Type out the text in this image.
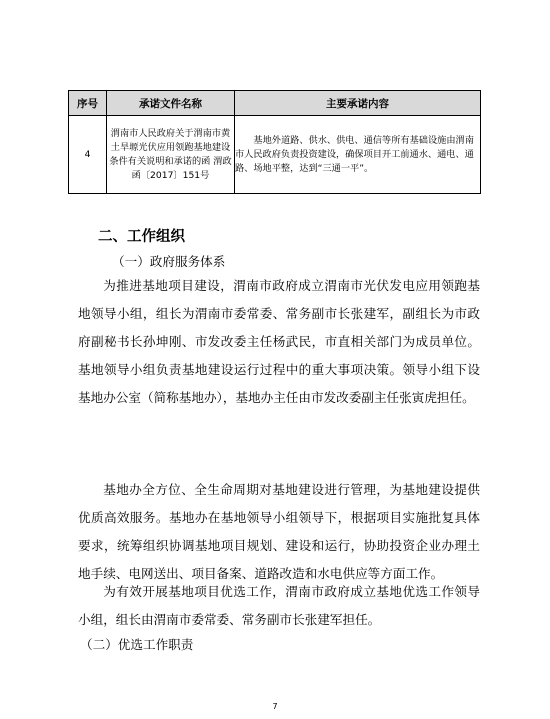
序号	承诺文件名称	主要承诺内容
4	渭南市人民政府关于渭南市黄土旱塬光伏应用领跑基地建设条件有关说明和承诺的函 渭政函〔2017〕151号	基地外道路、供水、供电、通信等所有基础设施由渭南市人民政府负责投资建设，确保项目开工前通水、通电、通路、场地平整，达到“三通一平”。
二、工作组织
（一）政府服务体系
为推进基地项目建设，渭南市政府成立渭南市光伏发电应用领跑基地领导小组，组长为渭南市委常委、常务副市长张建军，副组长为市政府副秘书长孙坤刚、市发改委主任杨武民，市直相关部门为成员单位。基地领导小组负责基地建设运行过程中的重大事项决策。领导小组下设基地办公室（简称基地办），基地办主任由市发改委副主任张寅虎担任。
基地办全方位、全生命周期对基地建设进行管理，为基地建设提供优质高效服务。基地办在基地领导小组领导下，根据项目实施批复具体要求，统筹组织协调基地项目规划、建设和运行，协助投资企业办理土地手续、电网送出、项目备案、道路改造和水电供应等方面工作。
为有效开展基地项目优选工作，渭南市政府成立基地优选工作领导小组，组长由渭南市委常委、常务副市长张建军担任。
（二）优选工作职责
7
